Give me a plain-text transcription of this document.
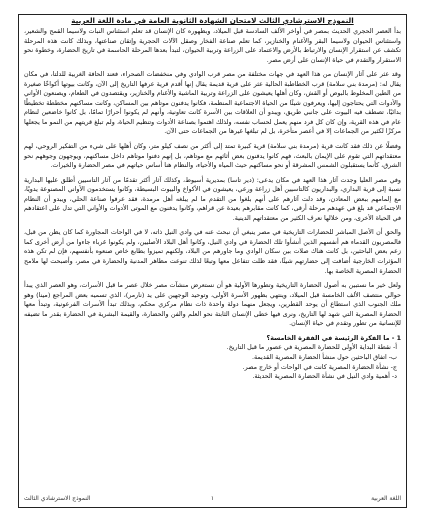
النموذج الاسترشادي الثالث لامتحان الشهادة الثانوية العامة في مادة اللغة العربية

بدأ العصر الحجري الحديث بمصر في أواخر الألف السادسة قبل الميلاد، وبظهوره كان الإنسان قد تعلم استئناس النبات ولاسيما القمح والشعير، واستئناس الحيوان ولاسيما البقر والأغنام والخنازير، كما تعلم صناعة الفخار وصقل الآلات الحجرية وإتقان صناعتها، وبذلك كانت هذه المرحلة تكشف عن استقرار الإنسان والارتباط بالأرض والاعتماد على الزراعة وتربية الحيوان، لتبدأ بعدها المرحلة الحاسمة في تاريخ الحضارة، وخطوة نحو الاستقرار والتقدم في حياة الإنسان على أرض مصر.

وقد عثر على آثار الإنسان من هذا العهد في جهات مختلفة من مصر قرب الوادي وفي منخفضات الصحراء، فعند الحافة الغربية للدلتا، في مكان يقال له: (مرمدة بني سلامة) قرب الخطاطبة الحالية عثر على قرية قديمة يقال إنها أقدم قرية عرفها التاريخ إلى الآن، وكانت بيوتها أكواخًا صغيرة من الطين المخلوط بالبوص أو القش، وكان أهلها يعيشون على الزراعة وتربية الماشية والأغنام والخنازير، ويقتصدون في الطعام، ويصنعون الأواني والأدوات التي يحتاجون إليها، ويعرفون شيئًا من الحياة الاجتماعية المنظمة، فكانوا يدفنون موتاهم بين المساكن، وكانت مساكنهم مخططة تخطيطًا بدائيًا، تصطف فيه البيوت على جانبي طريق، ويبدو أن العلاقات بين الأسرة كانت تعاونية، وأنهم لم يكونوا أحرارًا تمامًا، بل كانوا خاضعين لنظام عام في هذه القرية، وإن كان كل فرد منهم يعمل لحساب نفسه، ولذلك اهتموا بصناعة الأدوات وتنظيم الحياة، ولم تبلغ قريتهم من النمو ما يجعلها مركزًا لكثير من الجماعات إلا في أعصر متأخرة، بل لم تبلغها غيرها من الجماعات حتى الآن.

وفضلًا عن ذلك فقد كانت قرية (مرمدة بني سلامة) قرية كبيرة تمتد إلى أكثر من نصف كيلو متر، وكان أهلها على شيء من التفكير الروحي، لهم معتقداتهم التي تقوم على الإيمان بالبعث، فهم كانوا يدفنون بعض أثاثهم مع موتاهم، بل إنهم دفنوا موتاهم داخل مساكنهم، ويوجهون وجوههم نحو الشرق، كأنما يستقبلون الشمس المشرقة أو نحو مساكنهم حيث المياه والأحياء، والنظام هنا أساس حياتهم في مصر الحضارة والخيرات.

وفي مصر العليا وجدت آثار هذا العهد في مكان يدعى: (دير تاسا) بمديرية أسيوط، وكذلك آثار أكثر تقدمًا من آثار التاسيين أطلق عليها البدارية نسبة إلى قرية البداري، والبداريون كالتاسيين أهل زراعة ورعي، يعيشون في الأكواخ والبيوت البسيطة، وكانوا يستخدمون الأواني المصنوعة يدويًا، مع إلمامهم ببعض المعادن، وقد دلت آثارهم على أنهم بلغوا من التقدم ما لم يبلغه أهل مرمدة، فقد عرفوا صناعة الحلي، ويبدو أن النظام الاجتماعي قد بلغ في عهدهم مرحلة أرقى، كما كانت مقابرهم بعيدة عن قراهم، وكانوا يدفنون مع الموتى الأدوات والأواني التي تدل على اعتقادهم في الحياة الأخرى، ومن خلالها نعرف الكثير من معتقداتهم الدينية.

والحق أن الأصل المباشر للحضارات التاريخية في مصر ينبغي أن نبحث عنه في وادي النيل ذاته، لا في الواحات المجاورة كما كان يظن من قبل، فالمصريون القدماء هم أنفسهم الذين أنشأوا تلك الحضارة في وادي النيل، وكانوا أهل البلاد الأصليين، ولم يكونوا غرباء جاءوا من أرض أخرى كما زعم بعض الباحثين، بل كانت هناك صلات بين سكان الوادي وما جاورهم من البلاد، ولكنهم تميزوا بطابع خاص صنعوه بأنفسهم، فإن لم تكن هذه المؤثرات الخارجية أضافت إلى حضارتهم شيئًا، فقد ظلت تتفاعل معها وتبعًا لذلك تنوعت مظاهر المدنية والحضارة في مصر، وأصبحت لها ملامح الحضارة المصرية الخاصة بها.

ولعل خير ما نستبين به أصول الحضارة التاريخية وتطورها الأولية هو أن نستعرض منشآت مصر خلال عصر ما قبل الأسرات، وهو العصر الذي يبدأ حوالي منتصف الألف الخامسة قبل الميلاد، وينتهي بظهور الأسرة الأولى، وتوحيد الوجهين على يد (نارمر)، الذي تسميه بعض المراجع (مينا) وهو ملك الجنوب الذي استطاع أن يوحد القطرين، ويجعل منهما دولة واحدة ذات نظام مركزي محكم، وبذلك تبدأ الأسرات الفرعونية، وتبدأ معها الحضارة المصرية التي شهد لها التاريخ، ونرى فيها خطى الإنسان الثابتة نحو العلم والفن والحضارة، والقيمة البشرية في الحضارة بقدر ما تضيفه للإنسانية من تطور وتقدم في حياة الإنسان.

1 - ما الفكرة الرئيسة في الفقرة الخامسة؟

أ- نقطة البداية الأولى للحضارة المصرية في عصور ما قبل التاريخ.

ب- اتفاق الباحثين حول منشأ الحضارة المصرية القديمة.

ج- نشأة الحضارة المصرية كانت في الواحات أو خارج مصر.

د- أهمية وادي النيل في نشأة الحضارة المصرية الحديثة.

اللغة العربية
١
النموذج الاسترشادي الثالث
